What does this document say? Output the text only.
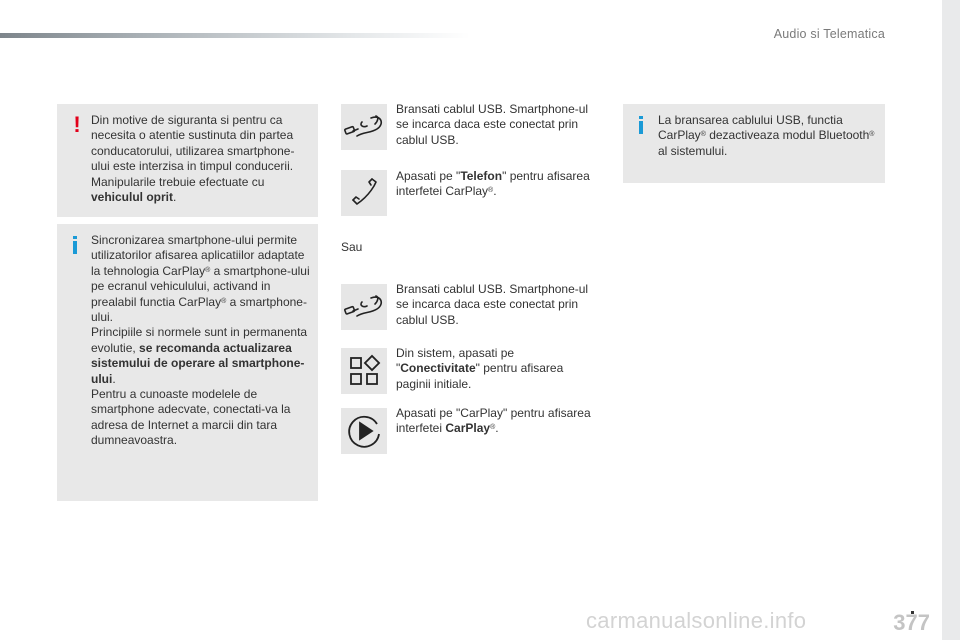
Audio si Telematica
! Din motive de siguranta si pentru ca necesita o atentie sustinuta din partea conducatorului, utilizarea smartphone-ului este interzisa in timpul conducerii. Manipularile trebuie efectuate cu vehiculul oprit.

Sincronizarea smartphone-ului permite utilizatorilor afisarea aplicatiilor adaptate la tehnologia CarPlay® a smartphone-ului pe ecranul vehiculului, activand in prealabil functia CarPlay® a smartphone-ului.
Principiile si normele sunt in permanenta evolutie, se recomanda actualizarea sistemului de operare al smartphone-ului.
Pentru a cunoaste modelele de smartphone adecvate, conectati-va la adresa de Internet a marcii din tara dumneavoastra.

Bransati cablul USB. Smartphone-ul se incarca daca este conectat prin cablul USB.
Apasati pe "Telefon" pentru afisarea interfetei CarPlay®.
Sau
Bransati cablul USB. Smartphone-ul se incarca daca este conectat prin cablul USB.
Din sistem, apasati pe "Conectivitate" pentru afisarea paginii initiale.
Apasati pe "CarPlay" pentru afisarea interfetei CarPlay®.

La bransarea cablului USB, functia CarPlay® dezactiveaza modul Bluetooth® al sistemului.

377
carmanualsonline.info
